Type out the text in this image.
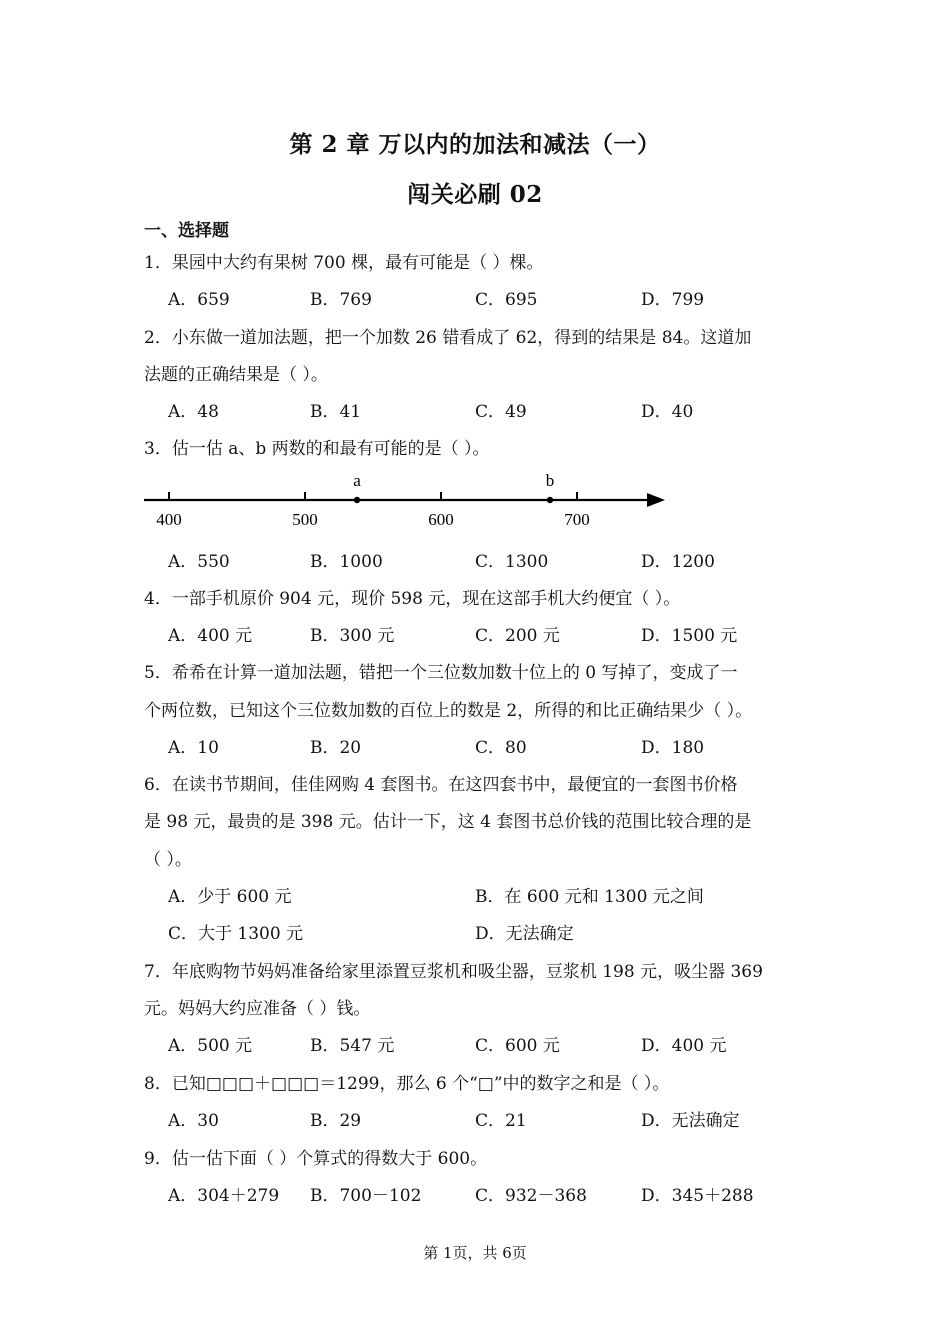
第 2 章 万以内的加法和减法（一）
闯关必刷 02
一、选择题
1．果园中大约有果树 700 棵，最有可能是（ ）棵。
A．659	B．769	C．695	D．799
2．小东做一道加法题，把一个加数 26 错看成了 62，得到的结果是 84。这道加
法题的正确结果是（ ）。
A．48	B．41	C．49	D．40
3．估一估 a、b 两数的和最有可能的是（ ）。
a	b
400	500	600	700
A．550	B．1000	C．1300	D．1200
4．一部手机原价 904 元，现价 598 元，现在这部手机大约便宜（ ）。
A．400 元	B．300 元	C．200 元	D．1500 元
5．希希在计算一道加法题，错把一个三位数加数十位上的 0 写掉了，变成了一
个两位数，已知这个三位数加数的百位上的数是 2，所得的和比正确结果少（ ）。
A．10	B．20	C．80	D．180
6．在读书节期间，佳佳网购 4 套图书。在这四套书中，最便宜的一套图书价格
是 98 元，最贵的是 398 元。估计一下，这 4 套图书总价钱的范围比较合理的是
（ ）。
A．少于 600 元	B．在 600 元和 1300 元之间
C．大于 1300 元	D．无法确定
7．年底购物节妈妈准备给家里添置豆浆机和吸尘器，豆浆机 198 元，吸尘器 369
元。妈妈大约应准备（ ）钱。
A．500 元	B．547 元	C．600 元	D．400 元
8．已知□□□＋□□□＝1299，那么 6 个“□”中的数字之和是（ ）。
A．30	B．29	C．21	D．无法确定
9．估一估下面（ ）个算式的得数大于 600。
A．304＋279 B．700－102	C．932－368	D．345＋288
第 1页，共 6页
